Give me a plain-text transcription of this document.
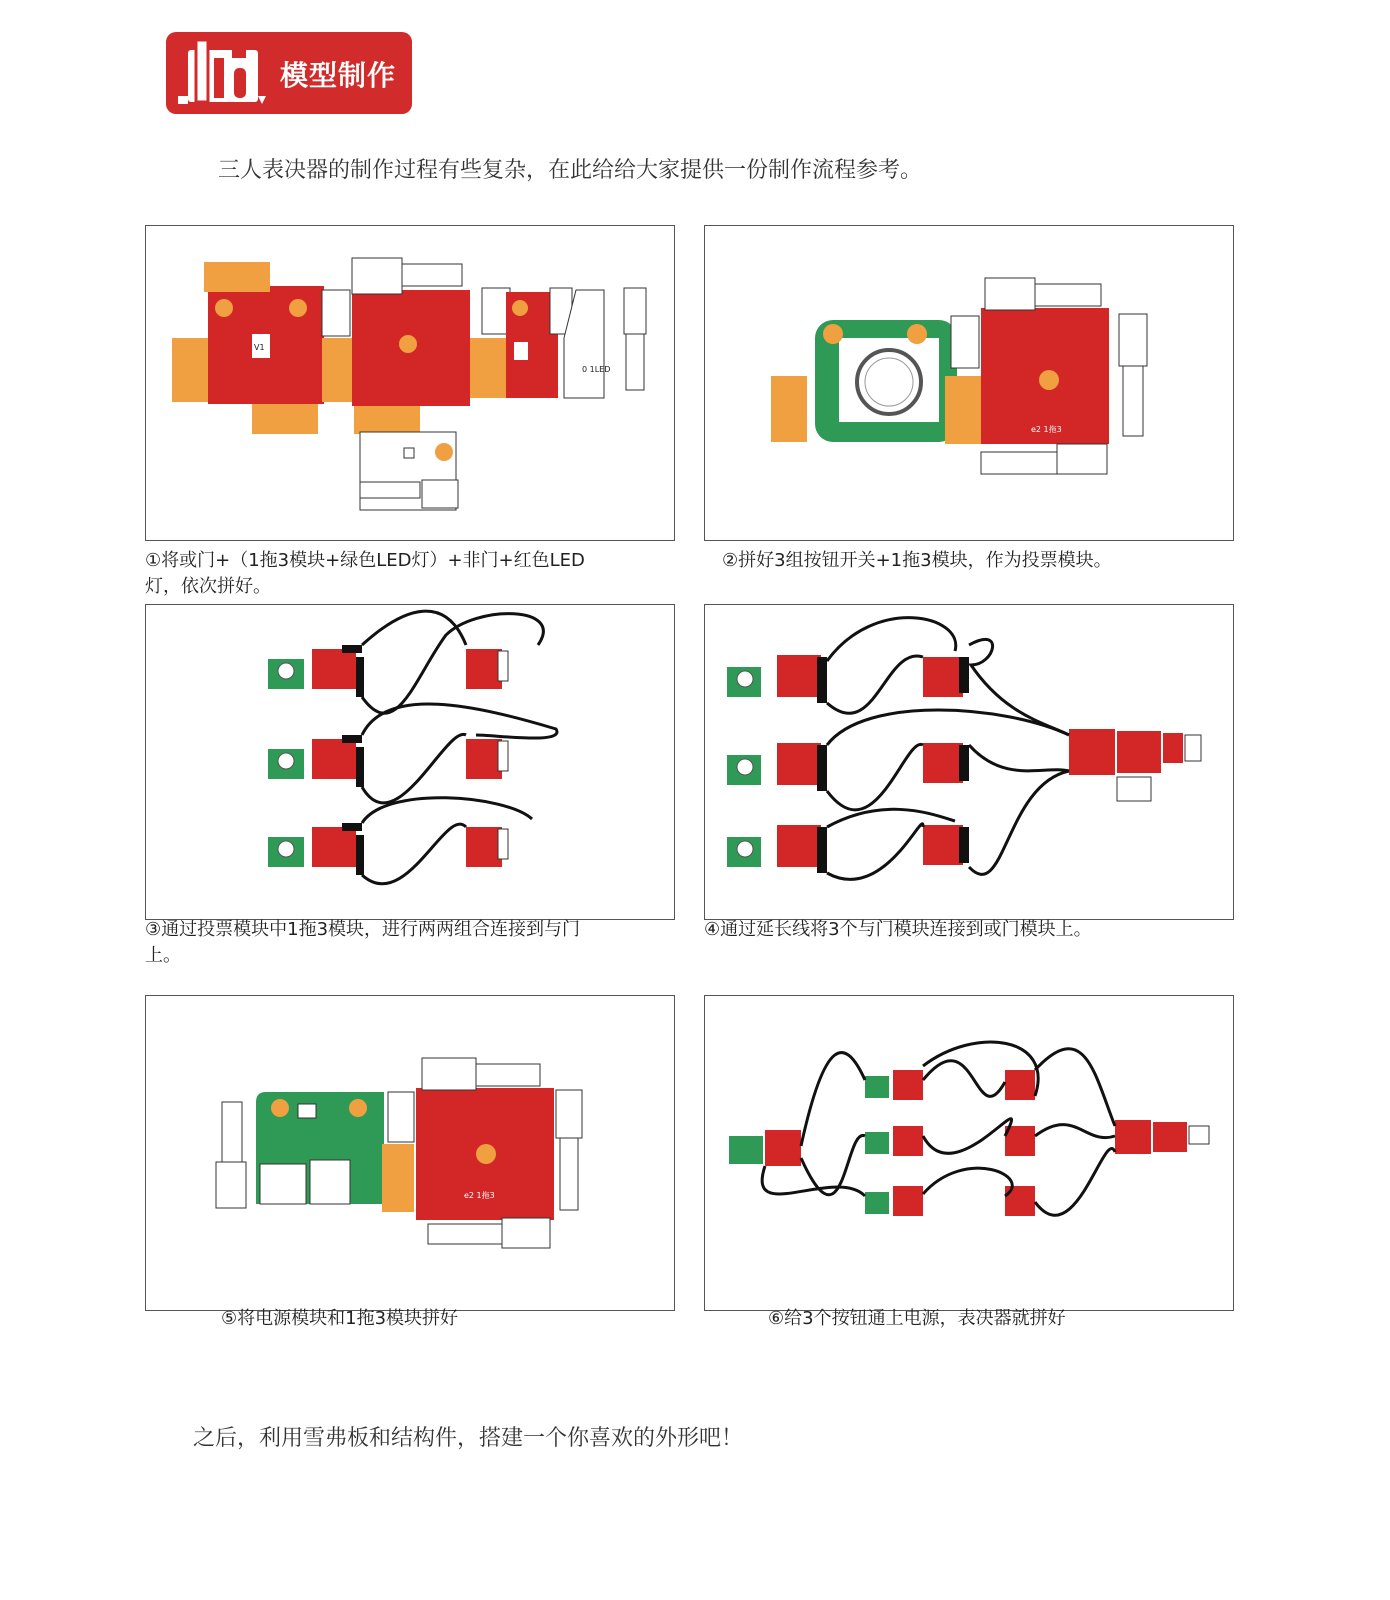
模型制作
三人表决器的制作过程有些复杂，在此给给大家提供一份制作流程参考。
V1
0 1LED
①将或门+（1拖3模块+绿色LED灯）+非门+红色LED
灯，依次拼好。
e2 1拖3
②拼好3组按钮开关+1拖3模块，作为投票模块。
③通过投票模块中1拖3模块，进行两两组合连接到与门
上。
④通过延长线将3个与门模块连接到或门模块上。
e2 1拖3
⑤将电源模块和1拖3模块拼好	⑥给3个按钮通上电源，表决器就拼好
之后，利用雪弗板和结构件，搭建一个你喜欢的外形吧！
